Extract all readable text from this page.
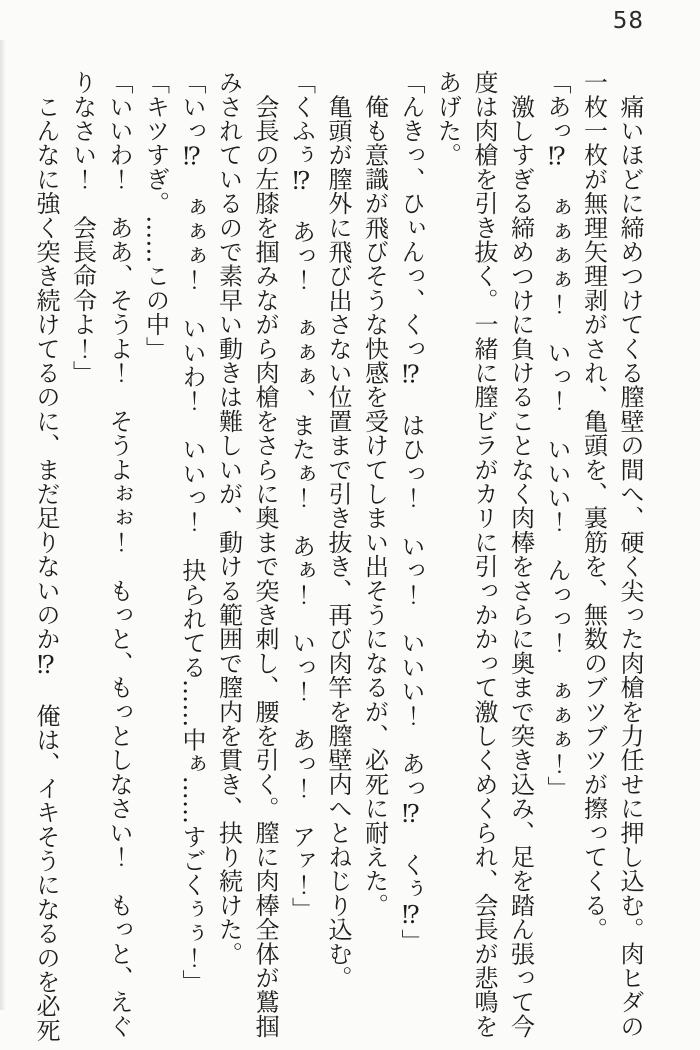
58

　痛いほどに締めつけてくる膣壁の間へ、硬く尖った肉槍を力任せに押し込む。肉ヒダの

一枚一枚が無理矢理剥がされ、亀頭を、裏筋を、無数のブツブツが擦ってくる。

「あっ⁉　ぁぁぁぁ！　いっ！　いいい！　んっっ！　ぁぁぁ！」

　激しすぎる締めつけに負けることなく肉棒をさらに奥まで突き込み、足を踏ん張って今

度は肉槍を引き抜く。一緒に膣ビラがカリに引っかかって激しくめくられ、会長が悲鳴を

あげた。

「んきっ、ひぃんっ、くっ⁉　はひっ！　いっ！　いいい！　あっ⁉　くぅ⁉」

　俺も意識が飛びそうな快感を受けてしまい出そうになるが、必死に耐えた。

　亀頭が膣外に飛び出さない位置まで引き抜き、再び肉竿を膣壁内へとねじり込む。

「くふぅ⁉　あっ！　ぁぁぁ、またぁ！　あぁ！　いっ！　あっ！　アァ！」

　会長の左膝を掴みながら肉槍をさらに奥まで突き刺し、腰を引く。膣に肉棒全体が鷲掴

みされているので素早い動きは難しいが、動ける範囲で膣内を貫き、抉り続けた。

「いっ⁉　ぁぁぁ！　いいわ！　いいっ！　抉られてる……中ぁ……すごくぅぅ！」

「キツすぎ。……この中」

「いいわ！　ああ、そうよ！　そうよぉぉ！　もっと、もっとしなさい！　もっと、えぐ

りなさい！　会長命令よ！」

　こんなに強く突き続けてるのに、まだ足りないのか⁉　俺は、イキそうになるのを必死
